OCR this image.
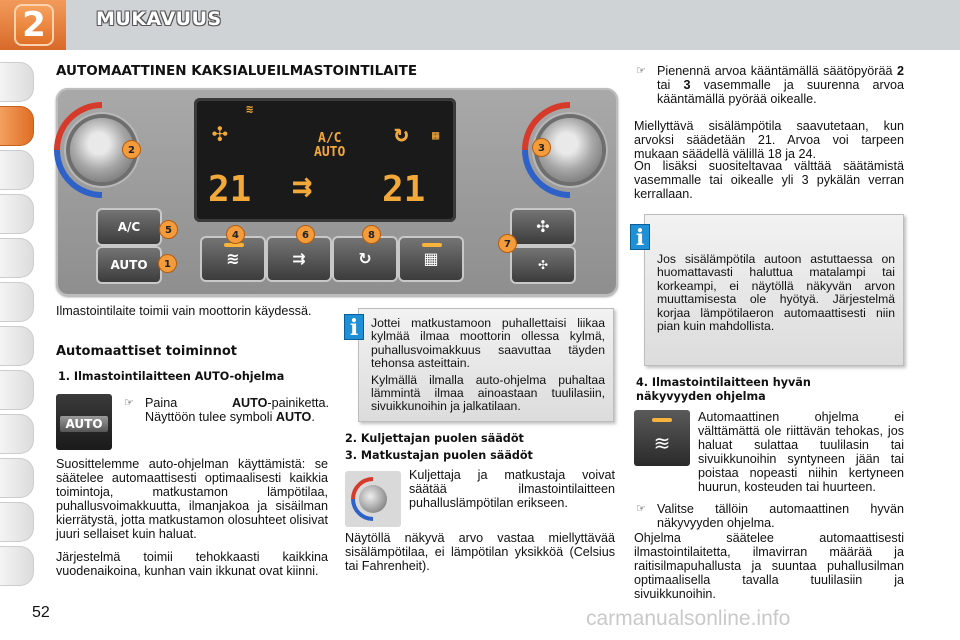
2	MUKAVUUS
AUTOMAATTINEN KAKSIALUEILMASTOINTILAITE
2	3
≋
✣	A/C
AUTO
↻ ▦
21 ⇉ 21
A/C
AUTO
5
1	≋	⇉	↻	▦
4	6	8	✣
✣
7
Ilmastointilaite toimii vain moottorin käydessä.
Automaattiset toiminnot
1. Ilmastointilaitteen AUTO-ohjelma
AUTO
☞ Paina	AUTO-painiketta. Näyttöön tulee symboli AUTO.
Suosittelemme auto-ohjelman käyttämistä: se säätelee automaattisesti optimaalisesti kaikkia toimintoja, matkustamon lämpötilaa, puhallusvoimakkuutta, ilmanjakoa ja sisäilman kierrätystä, jotta matkustamon olosuhteet olisivat juuri sellaiset kuin haluat.
Järjestelmä toimii tehokkaasti kaikkina vuodenaikoina, kunhan vain ikkunat ovat kiinni.

Jottei matkustamoon puhallettaisi liikaa kylmää ilmaa moottorin ollessa kylmä, puhallusvoimakkuus saavuttaa täyden tehonsa asteittain.

Kylmällä ilmalla auto-ohjelma puhaltaa lämmintä ilmaa ainoastaan tuulilasiin, sivuikkunoihin ja jalkatilaan.

i
2. Kuljettajan puolen säädöt
3. Matkustajan puolen säädöt
Kuljettaja ja matkustaja voivat säätää ilmastointilaitteen puhalluslämpötilan erikseen.
Näytöllä näkyvä arvo vastaa miellyttävää sisälämpötilaa, ei lämpötilan yksikköä (Celsius tai Fahrenheit).
☞ Pienennä arvoa kääntämällä säätöpyörää 2 tai 3 vasemmalle ja suurenna arvoa kääntämällä pyörää oikealle.
Miellyttävä sisälämpötila saavutetaan, kun arvoksi säädetään 21. Arvoa voi tarpeen mukaan säädellä välillä 18 ja 24.
On lisäksi suositeltavaa välttää säätämistä vasemmalle tai oikealle yli 3 pykälän verran kerrallaan.

Jos sisälämpötila autoon astuttaessa on huomattavasti haluttua matalampi tai korkeampi, ei näytöllä näkyvän arvon muuttamisesta ole hyötyä. Järjestelmä korjaa lämpötilaeron automaattisesti niin pian kuin mahdollista.

i
4. Ilmastointilaitteen hyvän näkyvyyden ohjelma
≋
Automaattinen ohjelma ei välttämättä ole riittävän tehokas, jos haluat sulattaa tuulilasin tai sivuikkunoihin syntyneen jään tai poistaa nopeasti niihin kertyneen huurun, kosteuden tai huurteen.
☞ Valitse tällöin automaattinen hyvän näkyvyyden ohjelma.
Ohjelma säätelee automaattisesti ilmastointilaitetta, ilmavirran määrää ja raitisilmapuhallusta ja suuntaa puhallusilman optimaalisella tavalla tuulilasiin ja sivuikkunoihin.
52	carmanualsonline.info
